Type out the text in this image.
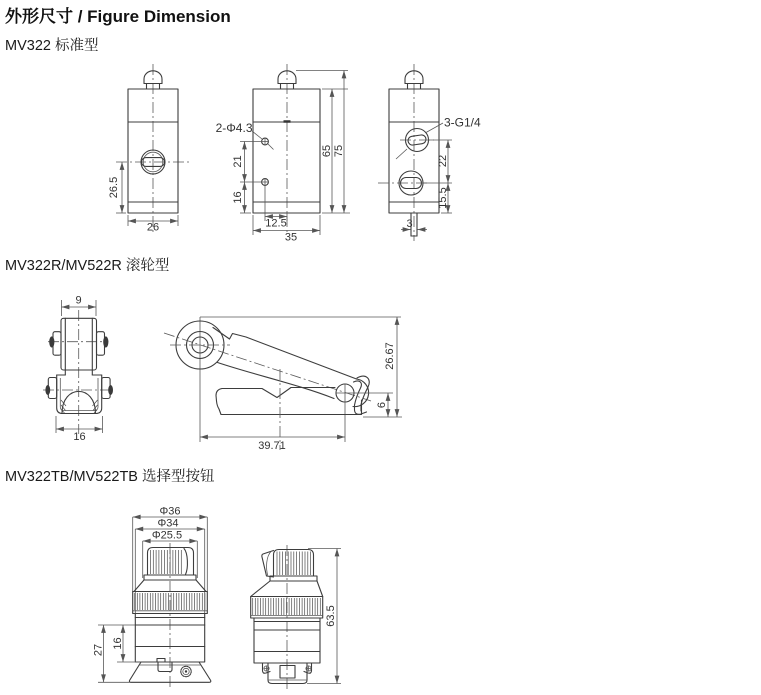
外形尺寸 / Figure Dimension
MV322 标准型
MV322R/MV522R 滚轮型
MV322TB/MV522TB 选择型按钮
26.5
26
2-Φ4.3
21
16
65 75
12.5
35
3-G1/4
22
15.5
3
9
16
26.67
6
39.71
Φ36
Φ34
Φ25.5
16
27
63.5
